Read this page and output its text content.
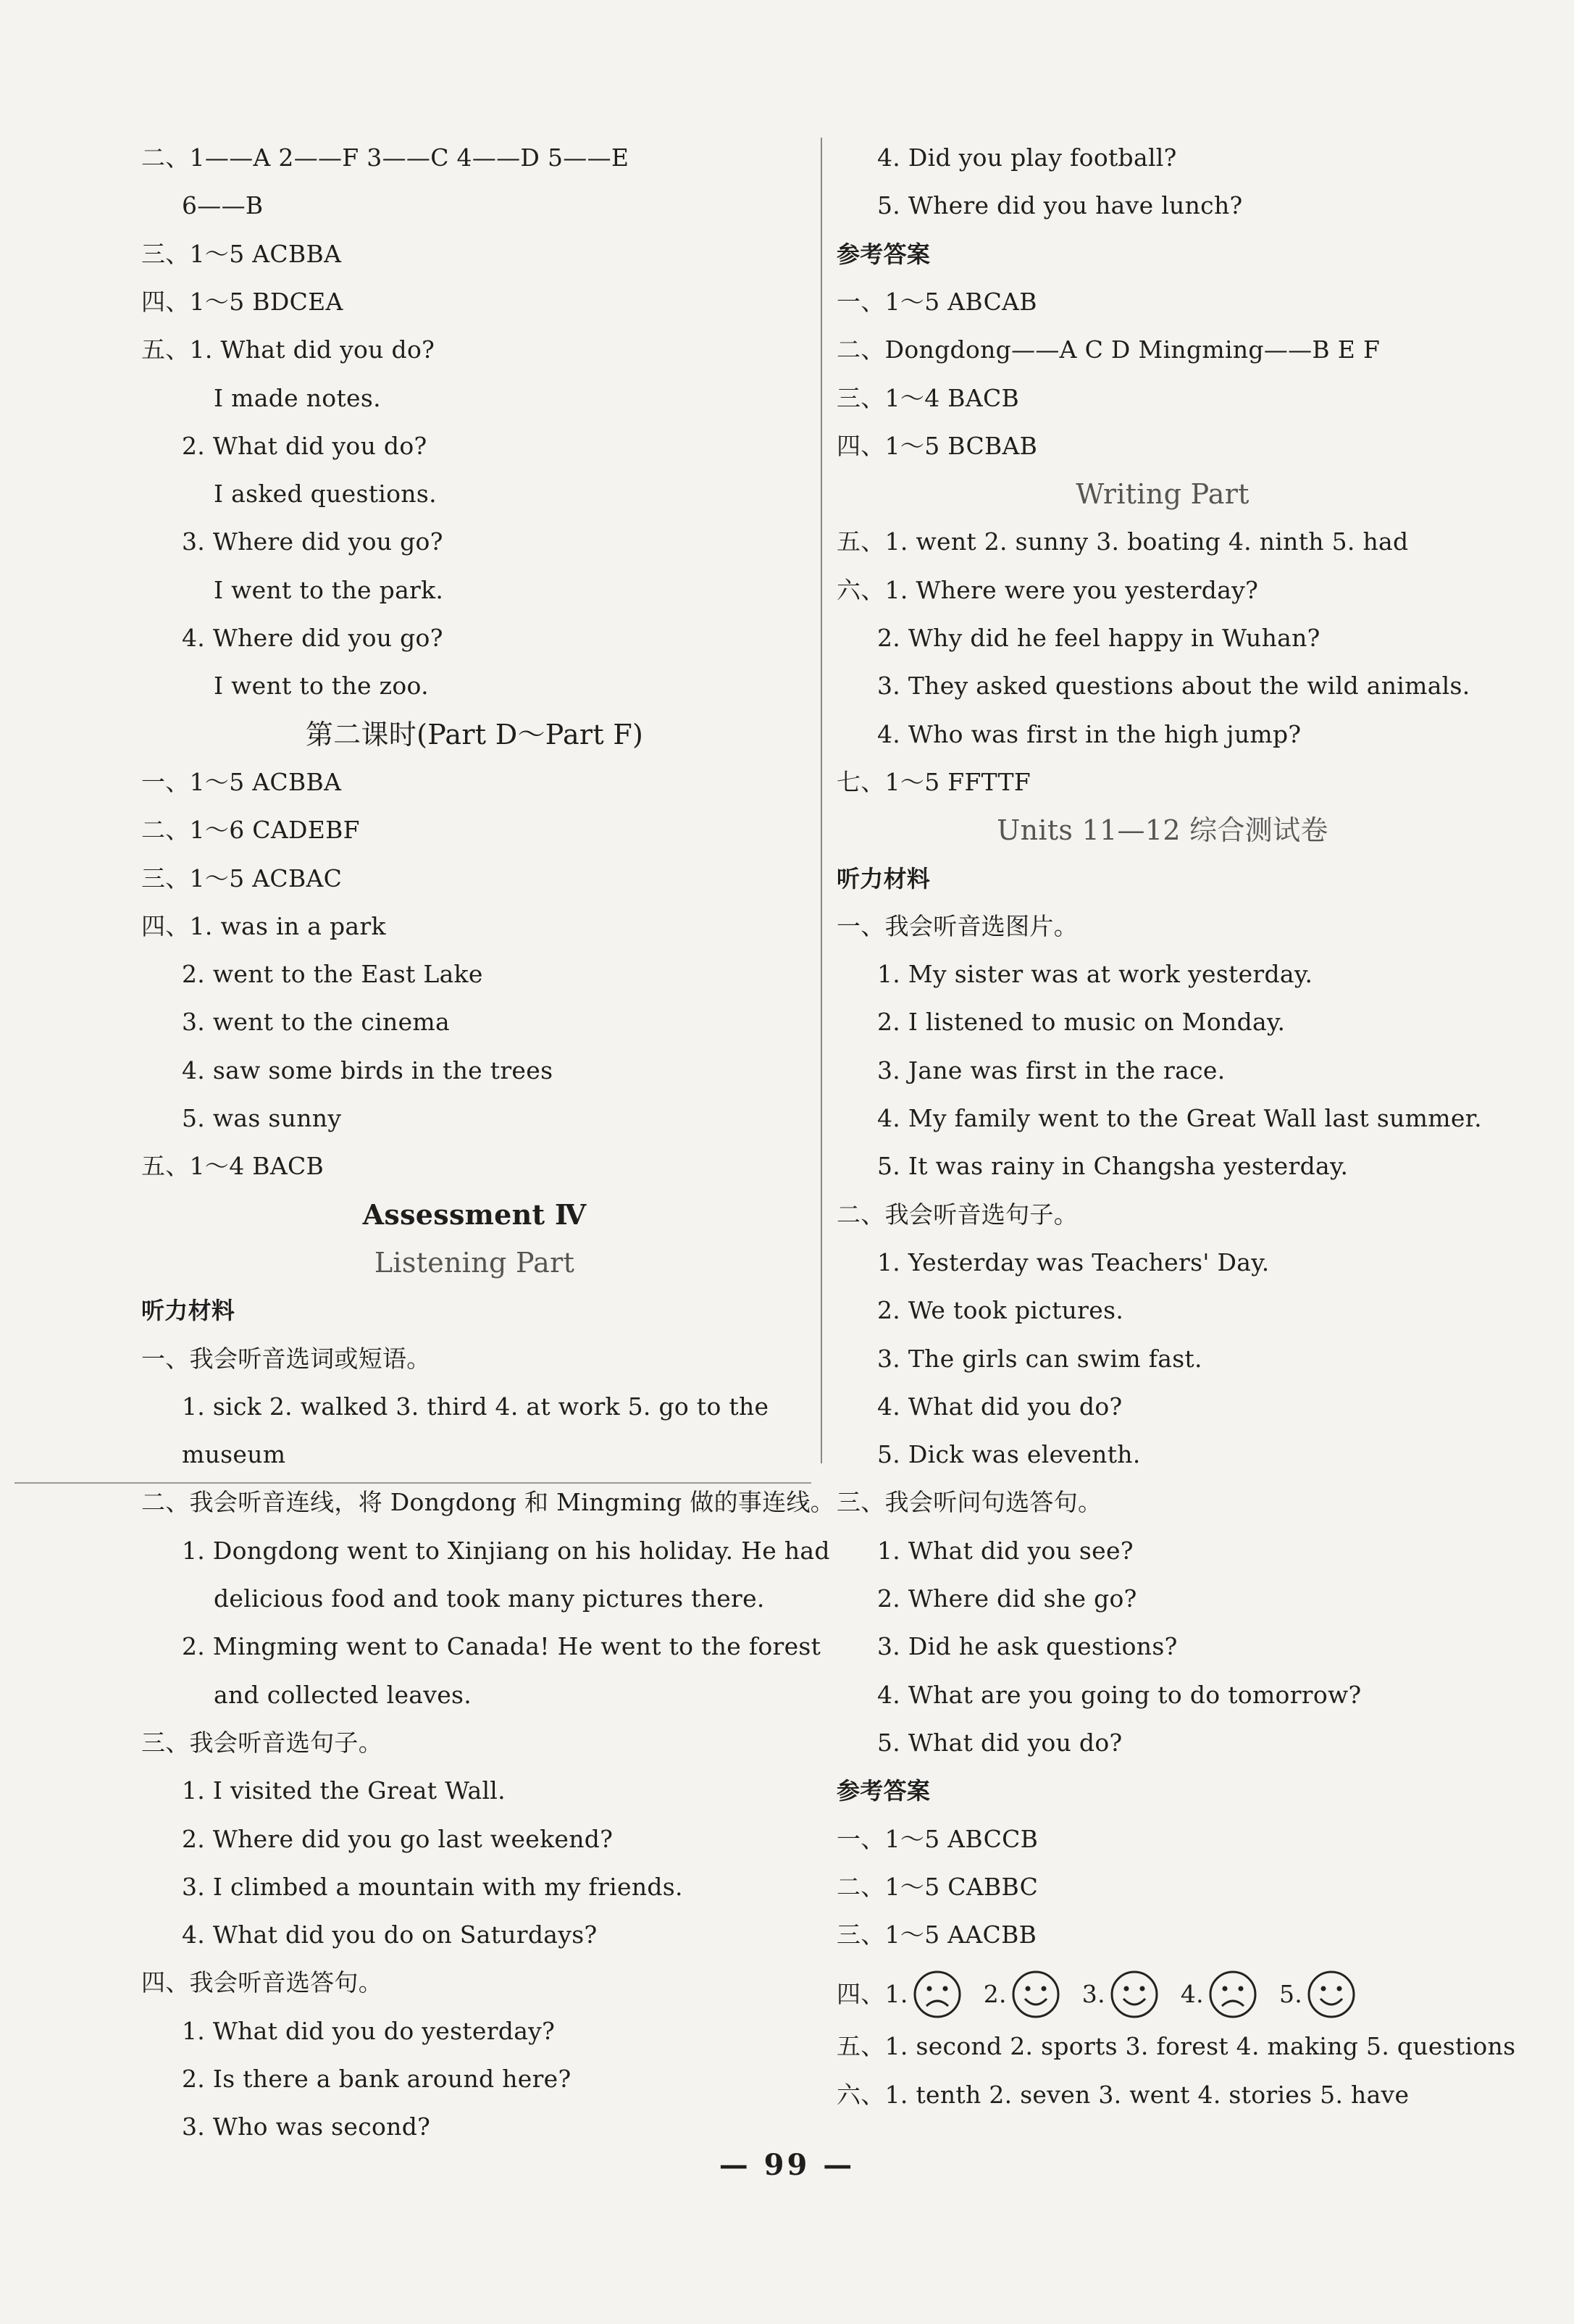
二、1——A 2——F 3——C 4——D 5——E
6——B
三、1～5 ACBBA
四、1～5 BDCEA
五、1. What did you do?
I made notes.
2. What did you do?
I asked questions.
3. Where did you go?
I went to the park.
4. Where did you go?
I went to the zoo.
第二课时(Part D～Part F)
一、1～5 ACBBA
二、1～6 CADEBF
三、1～5 ACBAC
四、1. was in a park
2. went to the East Lake
3. went to the cinema
4. saw some birds in the trees
5. was sunny
五、1～4 BACB
Assessment Ⅳ
Listening Part
听力材料
一、我会听音选词或短语。
1. sick 2. walked 3. third 4. at work 5. go to the
museum
二、我会听音连线，将 Dongdong 和 Mingming 做的事连线。
1. Dongdong went to Xinjiang on his holiday. He had
delicious food and took many pictures there.
2. Mingming went to Canada! He went to the forest
and collected leaves.
三、我会听音选句子。
1. I visited the Great Wall.
2. Where did you go last weekend?
3. I climbed a mountain with my friends.
4. What did you do on Saturdays?
四、我会听音选答句。
1. What did you do yesterday?
2. Is there a bank around here?
3. Who was second?
4. Did you play football?
5. Where did you have lunch?
参考答案
一、1～5 ABCAB
二、Dongdong——A C D Mingming——B E F
三、1～4 BACB
四、1～5 BCBAB
Writing Part
五、1. went 2. sunny 3. boating 4. ninth 5. had
六、1. Where were you yesterday?
2. Why did he feel happy in Wuhan?
3. They asked questions about the wild animals.
4. Who was first in the high jump?
七、1～5 FFTTF
Units 11—12 综合测试卷
听力材料
一、我会听音选图片。
1. My sister was at work yesterday.
2. I listened to music on Monday.
3. Jane was first in the race.
4. My family went to the Great Wall last summer.
5. It was rainy in Changsha yesterday.
二、我会听音选句子。
1. Yesterday was Teachers' Day.
2. We took pictures.
3. The girls can swim fast.
4. What did you do?
5. Dick was eleventh.
三、我会听问句选答句。
1. What did you see?
2. Where did she go?
3. Did he ask questions?
4. What are you going to do tomorrow?
5. What did you do?
参考答案
一、1～5 ABCCB
二、1～5 CABBC
三、1～5 AACBB
四、 1.	2.	3.	4.	5.
五、1. second 2. sports 3. forest 4. making 5. questions
六、1. tenth 2. seven 3. went 4. stories 5. have
— 99 —
